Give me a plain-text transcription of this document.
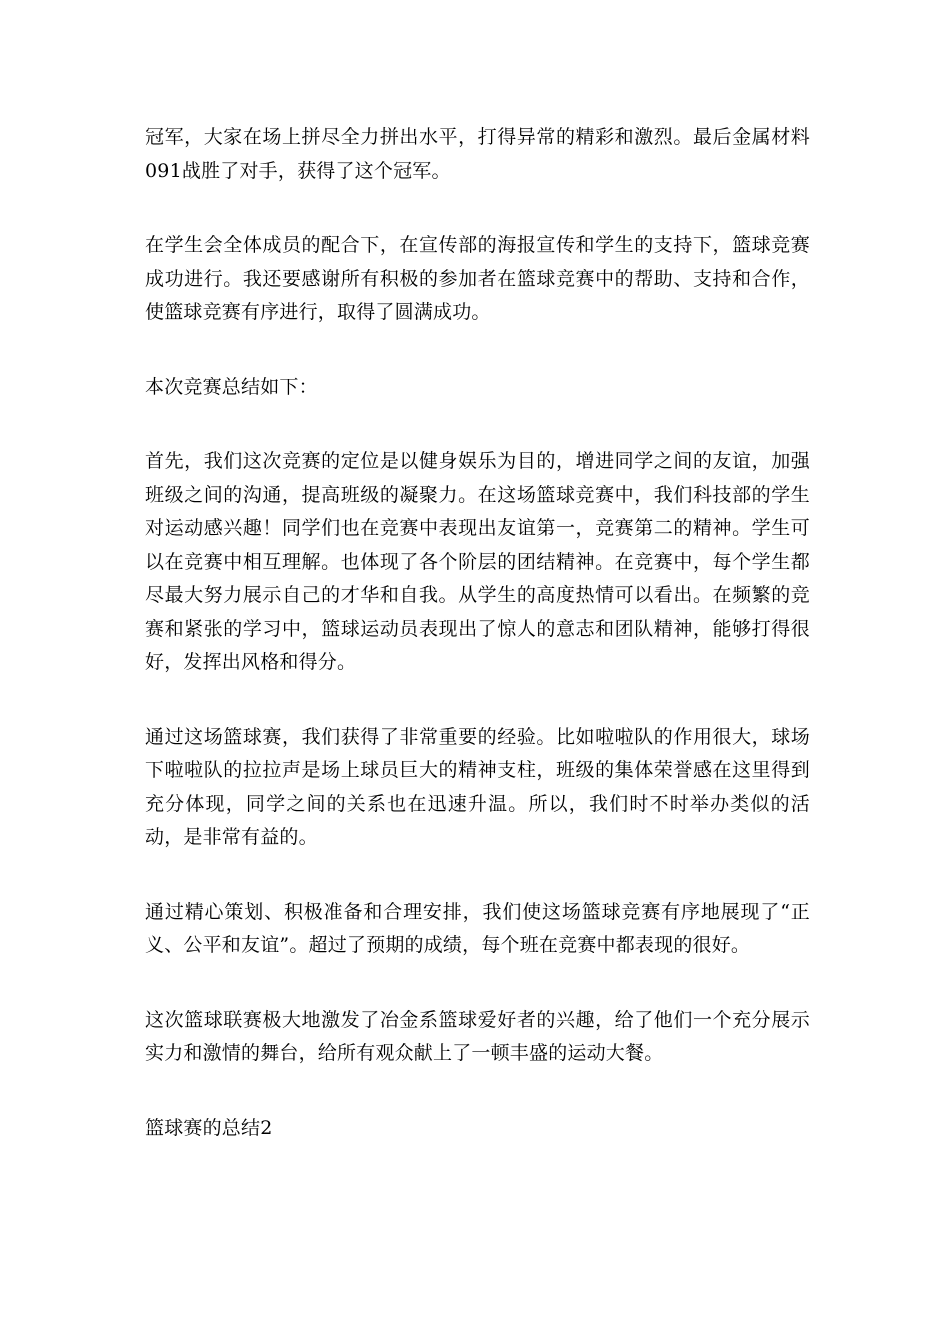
冠军，大家在场上拼尽全力拼出水平，打得异常的精彩和激烈。最后金属材料091战胜了对手，获得了这个冠军。

在学生会全体成员的配合下，在宣传部的海报宣传和学生的支持下，篮球竞赛成功进行。我还要感谢所有积极的参加者在篮球竞赛中的帮助、支持和合作，使篮球竞赛有序进行，取得了圆满成功。

本次竞赛总结如下：

首先，我们这次竞赛的定位是以健身娱乐为目的，增进同学之间的友谊，加强班级之间的沟通，提高班级的凝聚力。在这场篮球竞赛中，我们科技部的学生对运动感兴趣！同学们也在竞赛中表现出友谊第一，竞赛第二的精神。学生可以在竞赛中相互理解。也体现了各个阶层的团结精神。在竞赛中，每个学生都尽最大努力展示自己的才华和自我。从学生的高度热情可以看出。在频繁的竞赛和紧张的学习中，篮球运动员表现出了惊人的意志和团队精神，能够打得很好，发挥出风格和得分。

通过这场篮球赛，我们获得了非常重要的经验。比如啦啦队的作用很大，球场下啦啦队的拉拉声是场上球员巨大的精神支柱，班级的集体荣誉感在这里得到充分体现，同学之间的关系也在迅速升温。所以，我们时不时举办类似的活动，是非常有益的。

通过精心策划、积极准备和合理安排，我们使这场篮球竞赛有序地展现了“正义、公平和友谊”。超过了预期的成绩，每个班在竞赛中都表现的很好。

这次篮球联赛极大地激发了冶金系篮球爱好者的兴趣，给了他们一个充分展示实力和激情的舞台，给所有观众献上了一顿丰盛的运动大餐。

篮球赛的总结2
